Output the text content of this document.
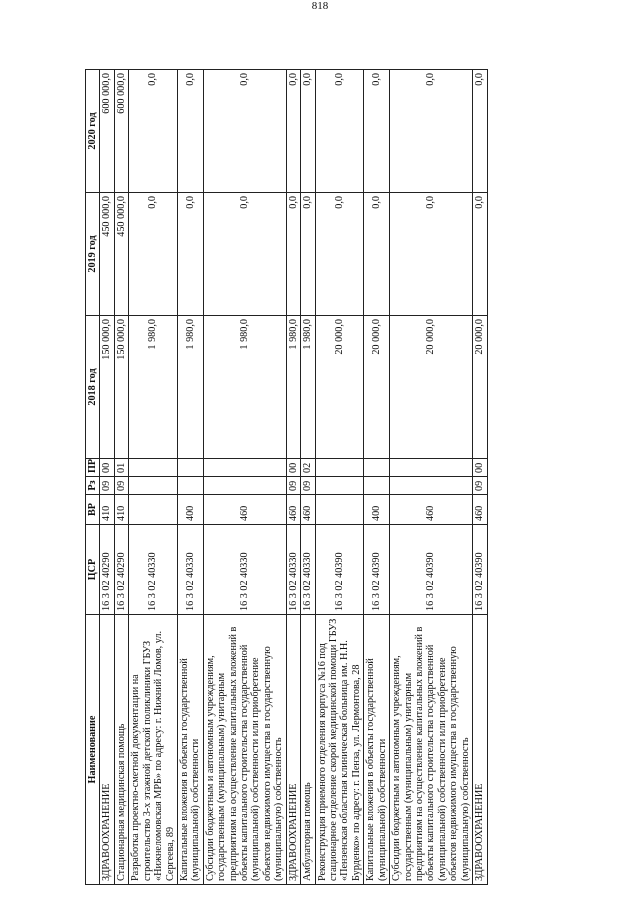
818
Наименование	ЦСР	ВР	Рз	ПР	2018 год	2019 год	2020 год
ЗДРАВООХРАНЕНИЕ	16 3 02 40290	410	09	00	150 000,0	450 000,0	600 000,0
Стационарная медицинская помощь	16 3 02 40290	410	09	01	150 000,0	450 000,0	600 000,0
Разработка проектно-сметной документации на строительство 3-х этажной детской поликлиники ГБУЗ «Нижнеломовская МРБ» по адресу: г. Нижний Ломов, ул. Сергеева, 89	16 3 02 40330				1 980,0	0,0	0,0
Капитальные вложения в объекты государственной (муниципальной) собственности	16 3 02 40330	400			1 980,0	0,0	0,0
Субсидии бюджетным и автономным учреждениям, государственным (муниципальным) унитарным предприятиям на осуществление капитальных вложений в объекты капитального строительства государственной (муниципальной) собственности или приобретение объектов недвижимого имущества в государственную (муниципальную) собственность	16 3 02 40330	460			1 980,0	0,0	0,0
ЗДРАВООХРАНЕНИЕ	16 3 02 40330	460	09	00	1 980,0	0,0	0,0
Амбулаторная помощь	16 3 02 40330	460	09	02	1 980,0	0,0	0,0
Реконструкция приемного отделения корпуса №16 под стационарное отделение скорой медицинской помощи ГБУЗ «Пензенская областная клиническая больница им. Н.Н. Бурденко» по адресу: г. Пенза, ул. Лермонтова, 28	16 3 02 40390				20 000,0	0,0	0,0
Капитальные вложения в объекты государственной (муниципальной) собственности	16 3 02 40390	400			20 000,0	0,0	0,0
Субсидии бюджетным и автономным учреждениям, государственным (муниципальным) унитарным предприятиям на осуществление капитальных вложений в объекты капитального строительства государственной (муниципальной) собственности или приобретение объектов недвижимого имущества в государственную (муниципальную) собственность	16 3 02 40390	460			20 000,0	0,0	0,0
ЗДРАВООХРАНЕНИЕ	16 3 02 40390	460	09	00	20 000,0	0,0	0,0
